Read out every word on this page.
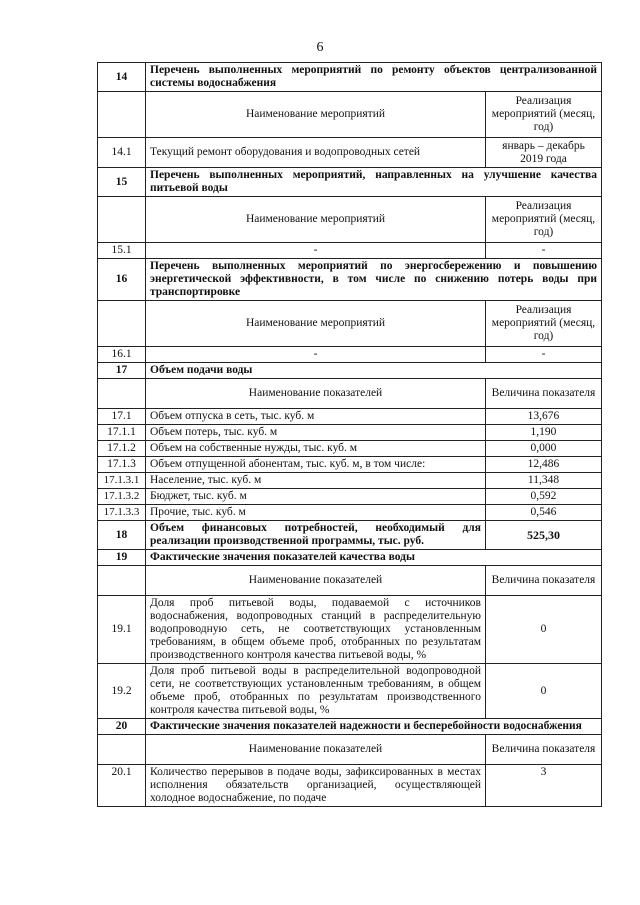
6
14	Перечень выполненных мероприятий по ремонту объектов централизованной системы водоснабжения	
	Наименование мероприятий	Реализация мероприятий (месяц, год)
14.1	Текущий ремонт оборудования и водопроводных сетей	январь – декабрь 2019 года
15	Перечень выполненных мероприятий, направленных на улучшение качества питьевой воды	
	Наименование мероприятий	Реализация мероприятий (месяц, год)
15.1	-	-
16	Перечень выполненных мероприятий по энергосбережению и повышению энергетической эффективности, в том числе по снижению потерь воды при транспортировке	
	Наименование мероприятий	Реализация мероприятий (месяц, год)
16.1	-	-
17	Объем подачи воды	
	Наименование показателей	Величина показателя
17.1	Объем отпуска в сеть, тыс. куб. м	13,676
17.1.1	Объем потерь, тыс. куб. м	1,190
17.1.2	Объем на собственные нужды, тыс. куб. м	0,000
17.1.3	Объем отпущенной абонентам, тыс. куб. м, в том числе:	12,486
17.1.3.1	Население, тыс. куб. м	11,348
17.1.3.2	Бюджет, тыс. куб. м	0,592
17.1.3.3	Прочие, тыс. куб. м	0,546
18	Объем финансовых потребностей, необходимый для реализации производственной программы, тыс. руб.	525,30
19	Фактические значения показателей качества воды	
	Наименование показателей	Величина показателя
19.1	Доля проб питьевой воды, подаваемой с источников водоснабжения, водопроводных станций в распределительную водопроводную сеть, не соответствующих установленным требованиям, в общем объеме проб, отобранных по результатам производственного контроля качества питьевой воды, %	0
19.2	Доля проб питьевой воды в распределительной водопроводной сети, не соответствующих установленным требованиям, в общем объеме проб, отобранных по результатам производственного контроля качества питьевой воды, %	0
20	Фактические значения показателей надежности и бесперебойности водоснабжения	
	Наименование показателей	Величина показателя
20.1	Количество перерывов в подаче воды, зафиксированных в местах исполнения обязательств организацией, осуществляющей холодное водоснабжение, по подаче	3
